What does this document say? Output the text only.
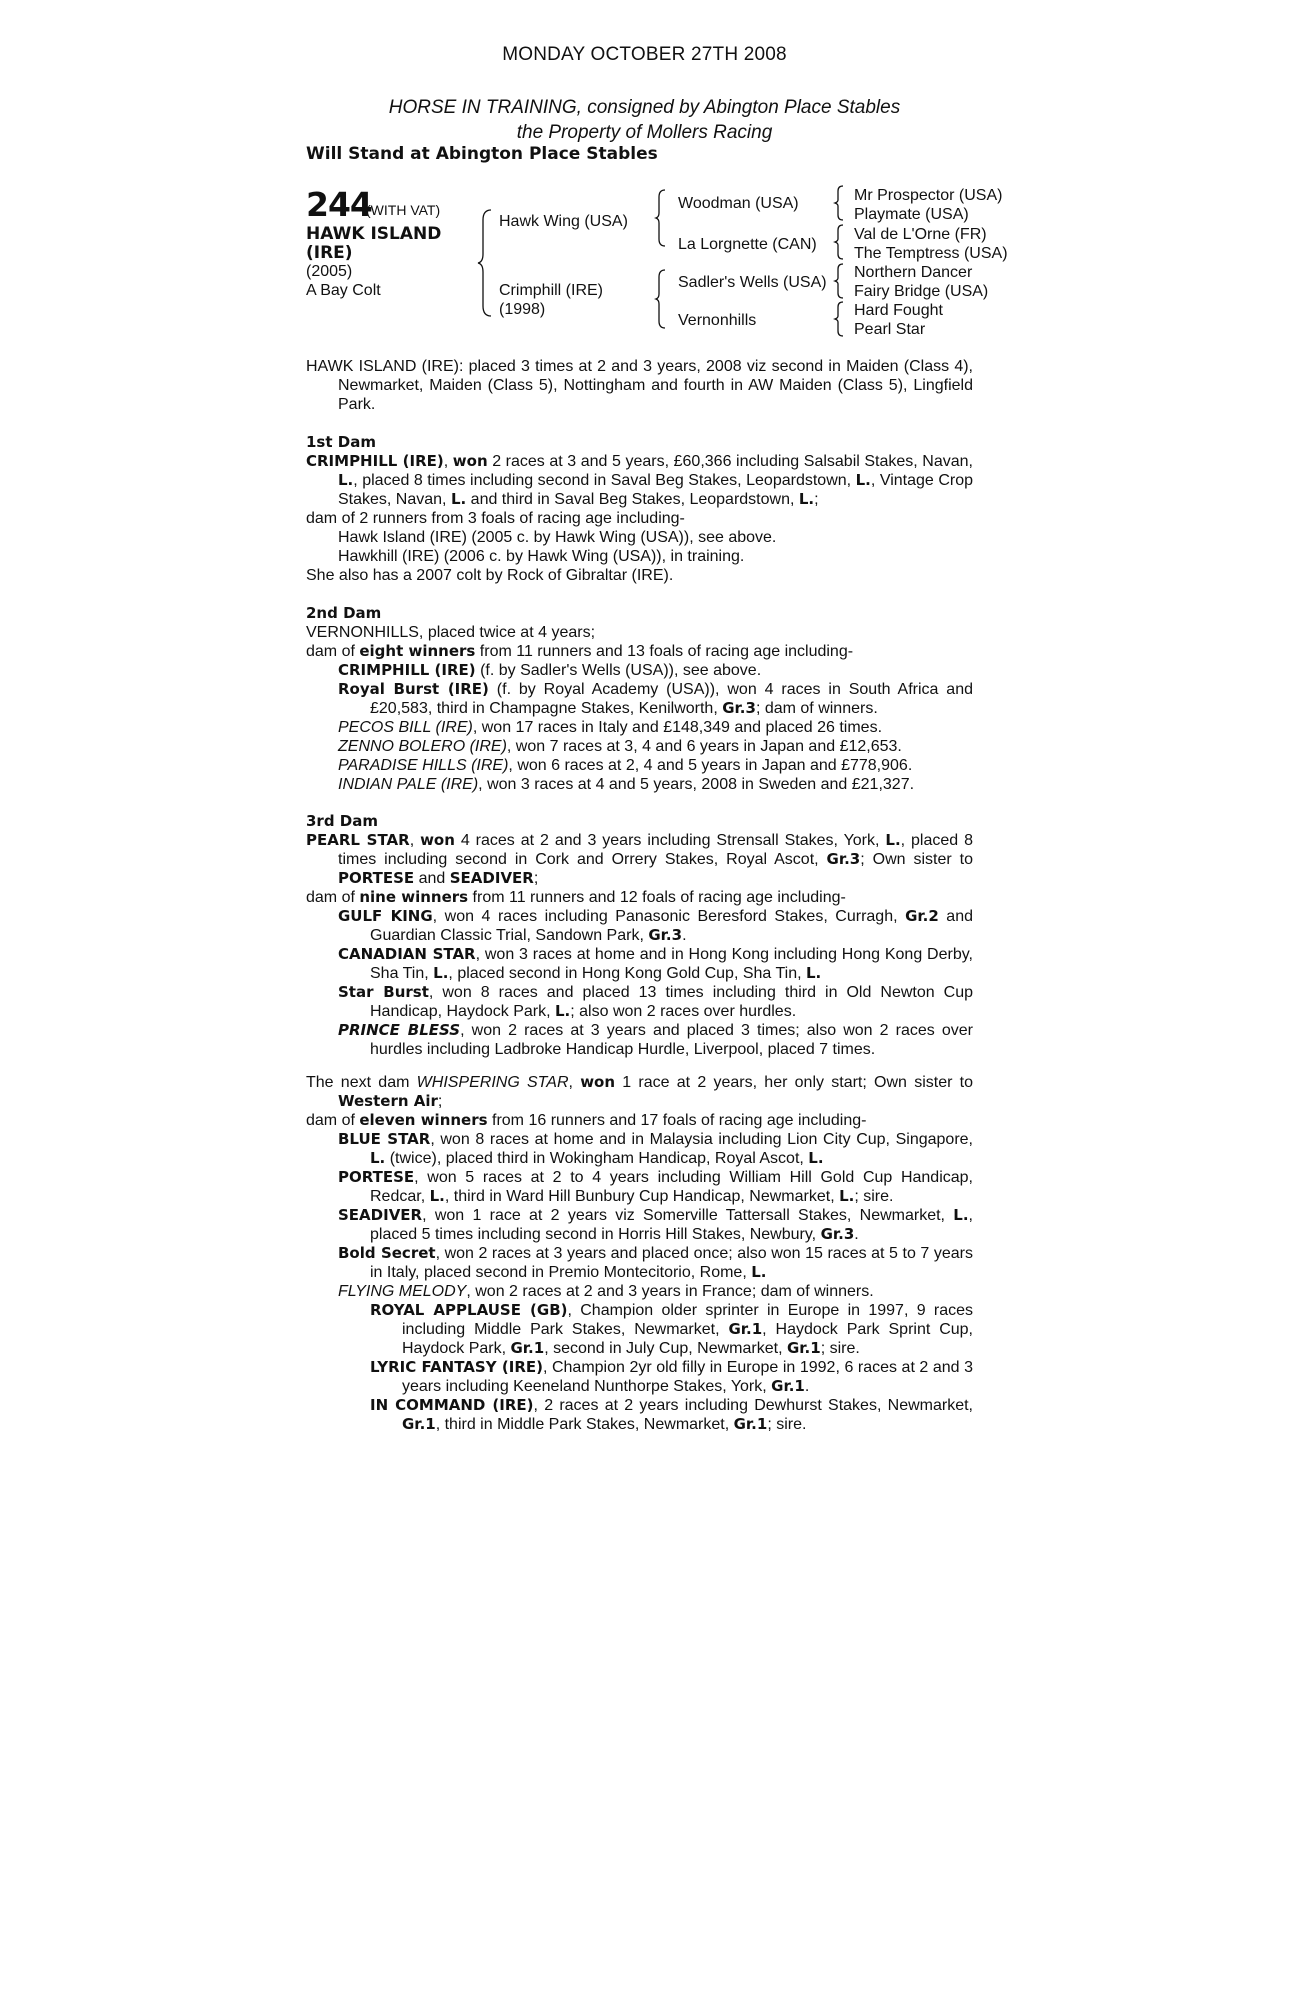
MONDAY OCTOBER 27TH 2008
HORSE IN TRAINING, consigned by Abington Place Stables
the Property of Mollers Racing
Will Stand at Abington Place Stables
244
(WITH VAT)
HAWK ISLAND
(IRE)
(2005)
A Bay Colt
Hawk Wing (USA)
Crimphill (IRE)
(1998)
Woodman (USA)
La Lorgnette (CAN)
Sadler's Wells (USA)
Vernonhills
Mr Prospector (USA)
Playmate (USA)
Val de L'Orne (FR)
The Temptress (USA)
Northern Dancer
Fairy Bridge (USA)
Hard Fought
Pearl Star

HAWK ISLAND (IRE): placed 3 times at 2 and 3 years, 2008 viz second in Maiden (Class 4), Newmarket, Maiden (Class 5), Nottingham and fourth in AW Maiden (Class 5), Lingfield Park.

1st Dam

CRIMPHILL (IRE), won 2 races at 3 and 5 years, £60,366 including Salsabil Stakes, Navan, L., placed 8 times including second in Saval Beg Stakes, Leopardstown, L., Vintage Crop Stakes, Navan, L. and third in Saval Beg Stakes, Leopardstown, L.;

dam of 2 runners from 3 foals of racing age including-

Hawk Island (IRE) (2005 c. by Hawk Wing (USA)), see above.

Hawkhill (IRE) (2006 c. by Hawk Wing (USA)), in training.

She also has a 2007 colt by Rock of Gibraltar (IRE).

2nd Dam

VERNONHILLS, placed twice at 4 years;

dam of eight winners from 11 runners and 13 foals of racing age including-

CRIMPHILL (IRE) (f. by Sadler's Wells (USA)), see above.

Royal Burst (IRE) (f. by Royal Academy (USA)), won 4 races in South Africa and £20,583, third in Champagne Stakes, Kenilworth, Gr.3; dam of winners.

PECOS BILL (IRE), won 17 races in Italy and £148,349 and placed 26 times.

ZENNO BOLERO (IRE), won 7 races at 3, 4 and 6 years in Japan and £12,653.

PARADISE HILLS (IRE), won 6 races at 2, 4 and 5 years in Japan and £778,906.

INDIAN PALE (IRE), won 3 races at 4 and 5 years, 2008 in Sweden and £21,327.

3rd Dam

PEARL STAR, won 4 races at 2 and 3 years including Strensall Stakes, York, L., placed 8 times including second in Cork and Orrery Stakes, Royal Ascot, Gr.3; Own sister to PORTESE and SEADIVER;

dam of nine winners from 11 runners and 12 foals of racing age including-

GULF KING, won 4 races including Panasonic Beresford Stakes, Curragh, Gr.2 and Guardian Classic Trial, Sandown Park, Gr.3.

CANADIAN STAR, won 3 races at home and in Hong Kong including Hong Kong Derby, Sha Tin, L., placed second in Hong Kong Gold Cup, Sha Tin, L.

Star Burst, won 8 races and placed 13 times including third in Old Newton Cup Handicap, Haydock Park, L.; also won 2 races over hurdles.

PRINCE BLESS, won 2 races at 3 years and placed 3 times; also won 2 races over hurdles including Ladbroke Handicap Hurdle, Liverpool, placed 7 times.

The next dam WHISPERING STAR, won 1 race at 2 years, her only start; Own sister to Western Air;

dam of eleven winners from 16 runners and 17 foals of racing age including-

BLUE STAR, won 8 races at home and in Malaysia including Lion City Cup, Singapore, L. (twice), placed third in Wokingham Handicap, Royal Ascot, L.

PORTESE, won 5 races at 2 to 4 years including William Hill Gold Cup Handicap, Redcar, L., third in Ward Hill Bunbury Cup Handicap, Newmarket, L.; sire.

SEADIVER, won 1 race at 2 years viz Somerville Tattersall Stakes, Newmarket, L., placed 5 times including second in Horris Hill Stakes, Newbury, Gr.3.

Bold Secret, won 2 races at 3 years and placed once; also won 15 races at 5 to 7 years in Italy, placed second in Premio Montecitorio, Rome, L.

FLYING MELODY, won 2 races at 2 and 3 years in France; dam of winners.

ROYAL APPLAUSE (GB), Champion older sprinter in Europe in 1997, 9 races including Middle Park Stakes, Newmarket, Gr.1, Haydock Park Sprint Cup, Haydock Park, Gr.1, second in July Cup, Newmarket, Gr.1; sire.

LYRIC FANTASY (IRE), Champion 2yr old filly in Europe in 1992, 6 races at 2 and 3 years including Keeneland Nunthorpe Stakes, York, Gr.1.

IN COMMAND (IRE), 2 races at 2 years including Dewhurst Stakes, Newmarket, Gr.1, third in Middle Park Stakes, Newmarket, Gr.1; sire.
